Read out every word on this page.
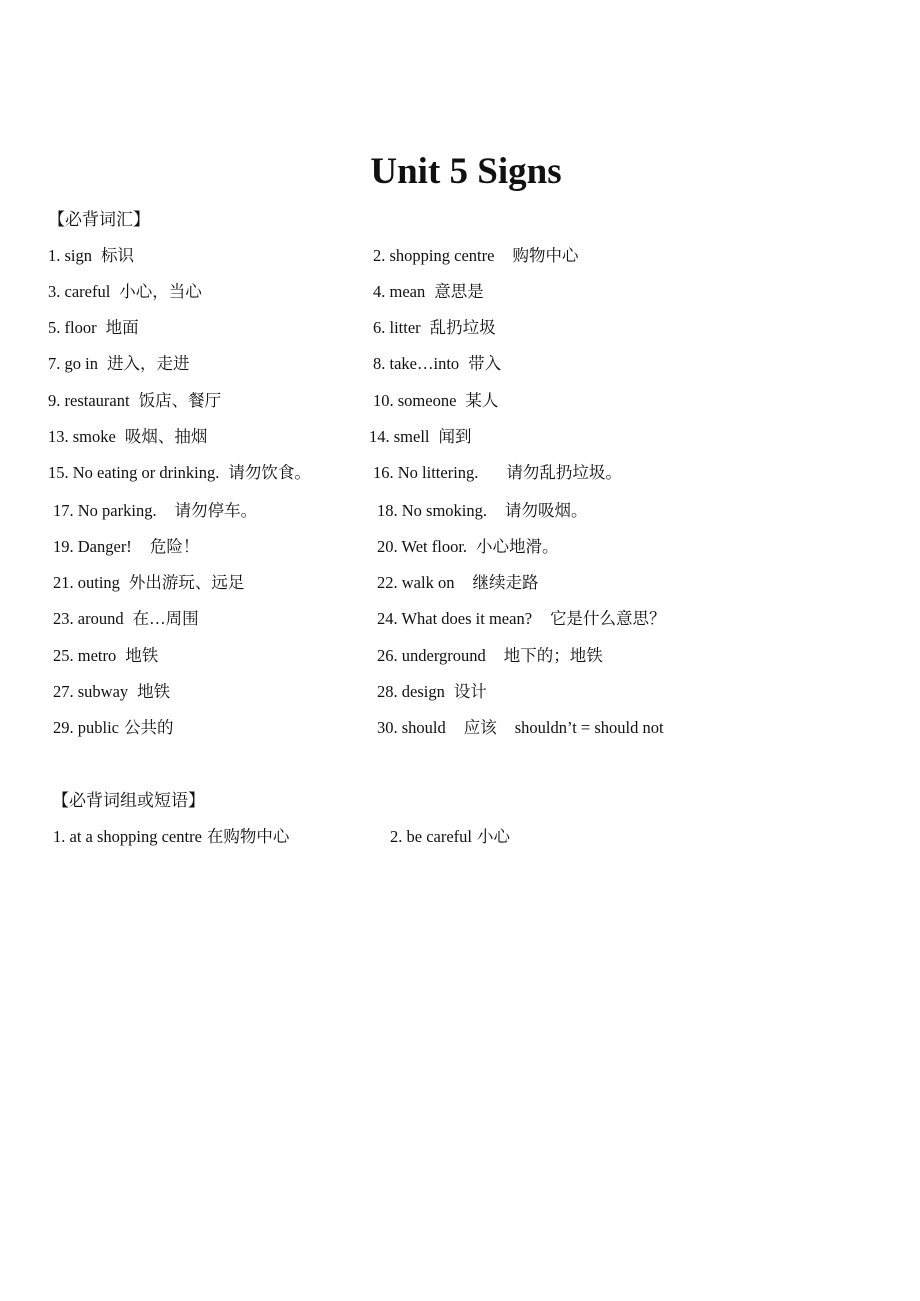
Unit 5 Signs
【必背词汇】
1. sign 标识	2. shopping centre 购物中心
3. careful 小心，当心	4. mean 意思是
5. floor 地面	6. litter 乱扔垃圾
7. go in 进入，走进	8. take…into 带入
9. restaurant 饭店、餐厅	10. someone 某人
13. smoke 吸烟、抽烟	14. smell 闻到
15. No eating or drinking. 请勿饮食。	16. No littering. 请勿乱扔垃圾。
17. No parking. 请勿停车。	18. No smoking. 请勿吸烟。
19. Danger! 危险！	20. Wet floor. 小心地滑。
21. outing 外出游玩、远足	22. walk on 继续走路
23. around 在…周围	24. What does it mean? 它是什么意思？
25. metro 地铁	26. underground 地下的；地铁
27. subway 地铁	28. design 设计
29. public 公共的	30. should 应该 shouldn’t = should not
【必背词组或短语】
1. at a shopping centre 在购物中心	2. be careful 小心
